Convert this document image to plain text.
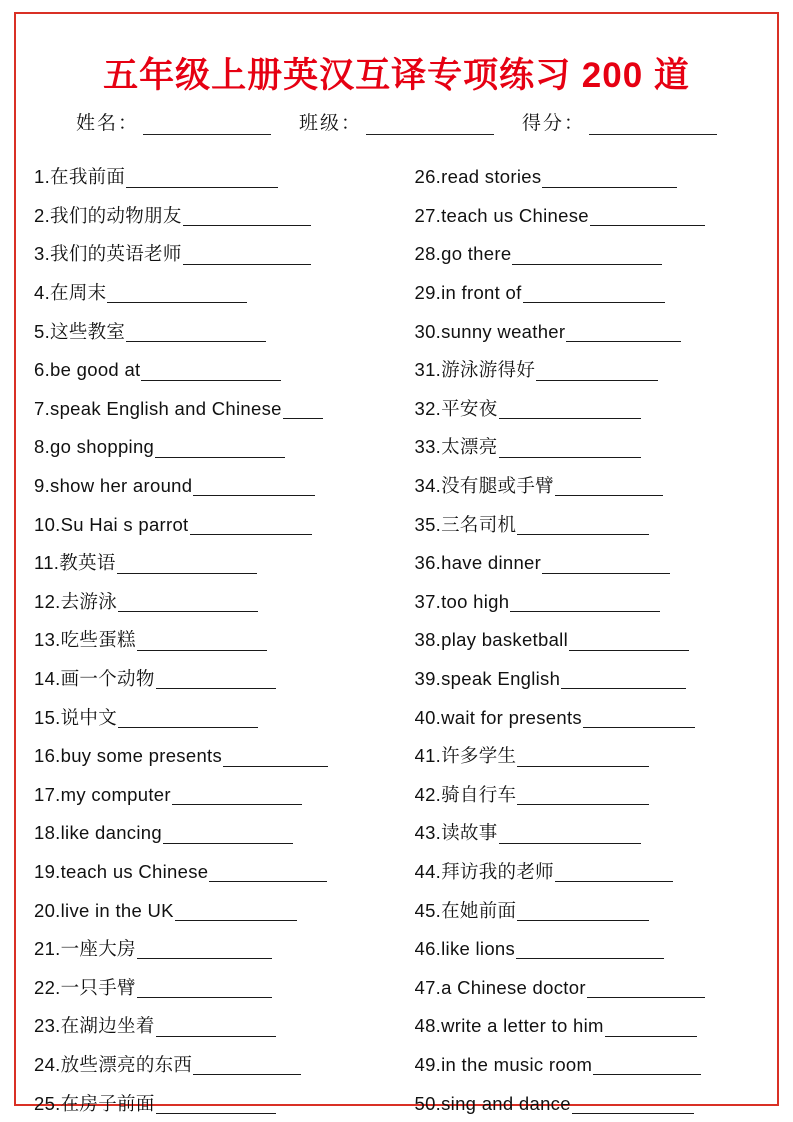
五年级上册英汉互译专项练习 200 道
姓名：	班级：	得分：
1.在我前面
2.我们的动物朋友
3.我们的英语老师
4.在周末
5.这些教室
6.be good at
7.speak English and Chinese
8.go shopping
9.show her around
10.Su Hai s parrot
11.教英语
12.去游泳
13.吃些蛋糕
14.画一个动物
15.说中文
16.buy some presents
17.my computer
18.like dancing
19.teach us Chinese
20.live in the UK
21.一座大房
22.一只手臂
23.在湖边坐着
24.放些漂亮的东西
25.在房子前面
26.read stories
27.teach us Chinese
28.go there
29.in front of
30.sunny weather
31.游泳游得好
32.平安夜
33.太漂亮
34.没有腿或手臂
35.三名司机
36.have dinner
37.too high
38.play basketball
39.speak English
40.wait for presents
41.许多学生
42.骑自行车
43.读故事
44.拜访我的老师
45.在她前面
46.like lions
47.a Chinese doctor
48.write a letter to him
49.in the music room
50.sing and dance
